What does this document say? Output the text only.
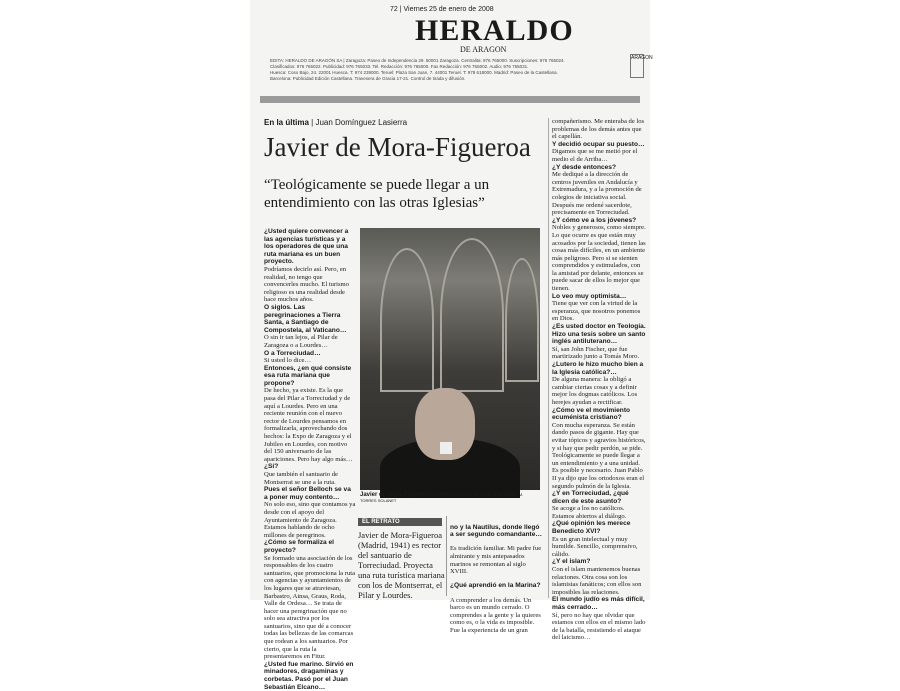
72 | Viernes 25 de enero de 2008
HERALDO
DE ARAGON
ARAGON
EDITA: HERALDO DE ARAGÓN SA | Zaragoza: Paseo de Independencia 29. 50001 Zaragoza. Centralita: 976 765000. Suscripciones: 976 765024.
Clasificados: 976 765022. Publicidad: 976 765033. Tel. Redacción: 976 765000. Fax Redacción: 976 765002. Audio: 976 765031.
Huesca: Coso Bajo, 24. 22001 Huesca. T: 974 239000. Teruel: Plaza San Juan, 7. 44001 Teruel. T: 978 618000. Madrid: Paseo de la Castellana.
Barcelona: Publicidad Edición Castellana. Travesera de Gracia 17-21. Control de tirada y difusión.
En la última | Juan Domínguez Lasierra
Javier de Mora-Figueroa
“Teológicamente se puede llegar a un entendimiento con las otras Iglesias”

¿Usted quiere convencer a las agencias turísticas y a los operadores de que una ruta mariana es un buen proyecto.

Podríamos decirlo así. Pero, en realidad, no tengo que convencerles mucho. El turismo religioso es una realidad desde hace muchos años.

O siglos. Las peregrinaciones a Tierra Santa, a Santiago de Compostela, al Vaticano…

O sin ir tan lejos, al Pilar de Zaragoza o a Lourdes…

O a Torreciudad…

Si usted lo dice…

Entonces, ¿en qué consiste esa ruta mariana que propone?

De hecho, ya existe. Es la que pasa del Pilar a Torreciudad y de aquí a Lourdes. Pero en una reciente reunión con el nuevo rector de Lourdes pensamos en formalizarla, aprovechando dos hechos: la Expo de Zaragoza y el Jubileo en Lourdes, con motivo del 150 aniversario de las apariciones. Pero hay algo más…

¿Sí?

Que también el santuario de Montserrat se une a la ruta.

Pues el señor Belloch se va a poner muy contento…

No solo eso, sino que contamos ya desde con el apoyo del Ayuntamiento de Zaragoza. Estamos hablando de ocho millones de peregrinos.

¿Cómo se formaliza el proyecto?

Se formado una asociación de los responsables de los cuatro santuarios, que promociona la ruta con agencias y ayuntamientos de los lugares que se atraviesan, Barbastro, Ainsa, Graus, Roda, Valle de Ordesa… Se trata de hacer una peregrinación que no solo sea atractiva por los santuarios, sino que dé a conocer todas las bellezas de las comarcas que rodean a los santuarios. Por cierto, que la ruta la presentaremos en Fitur.

¿Usted fue marino. Sirvió en minadores, dragaminas y corbetas. Pasó por el Juan Sebastián Elcano…

compañerismo. Me enteraba de los problemas de los demás antes que el capellán.

Y decidió ocupar su puesto…

Digamos que se me metió por el medio el de Arriba…

¿Y desde entonces?

Me dediqué a la dirección de centros juveniles en Andalucía y Extremadura, y a la promoción de colegios de iniciativa social. Después me ordené sacerdote, precisamente en Torreciudad.

¿Y cómo ve a los jóvenes?

Nobles y generosos, como siempre. Lo que ocurre es que están muy acosados por la sociedad, tienen las cosas más difíciles, en un ambiente más peligroso. Pero si se sienten comprendidos y estimulados, con la amistad por delante, entonces se puede sacar de ellos lo mejor que tienen.

Lo veo muy optimista…

Tiene que ver con la virtud de la esperanza, que nosotros ponemos en Dios.

¿Es usted doctor en Teología. Hizo una tesis sobre un santo inglés antiluterano…

Sí, san John Fischer, que fue martirizado junto a Tomás Moro.

¿Lutero le hizo mucho bien a la Iglesia católica?…

De alguna manera: la obligó a cambiar ciertas cosas y a definir mejor los dogmas católicos. Los herejes ayudan a rectificar.

¿Cómo ve el movimiento ecuménista cristiano?

Con mucha esperanza. Se están dando pasos de gigante. Hay que evitar tópicos y agravios históricos, y si hay que pedir perdón, se pide. Teológicamente se puede llegar a un entendimiento y a una unidad. Es posible y necesario. Juan Pablo II ya dijo que los ortodoxos eran el segundo pulmón de la Iglesia.

¿Y en Torreciudad, ¿qué dicen de este asunto?

Se acoge a los no católicos. Estamos abiertos al diálogo.

¿Qué opinión les merece Benedicto XVI?

Es un gran intelectual y muy humilde. Sencillo, comprensivo, cálido.

¿Y el islam?

Con el islam mantenemos buenas relaciones. Otra cosa son los islamistas fanáticos; con ellos son imposibles las relaciones.

El mundo judío es más difícil, más cerrado…

Sí, pero no hay que olvidar que estamos con ellos en el mismo lado de la batalla, resistiendo el ataque del laicismo…

Javier de Mora-Figueroa promociona una ruta mariana. M. TORRES SOLANET
EL RETRATO
Javier de Mora-Figueroa (Madrid, 1941) es rector del santuario de Torreciudad. Proyecta una ruta turística mariana con los de Montserrat, el Pilar y Lourdes.

no y la Nautilus, donde llegó a ser segundo comandante…

Es tradición familiar. Mi padre fue almirante y mis antepasados marinos se remontan al siglo XVIII.

¿Qué aprendió en la Marina?

A comprender a los demás. Un barco es un mundo cerrado. O comprendes a la gente y la quieres como es, o la vida es imposible. Fue la experiencia de un gran
